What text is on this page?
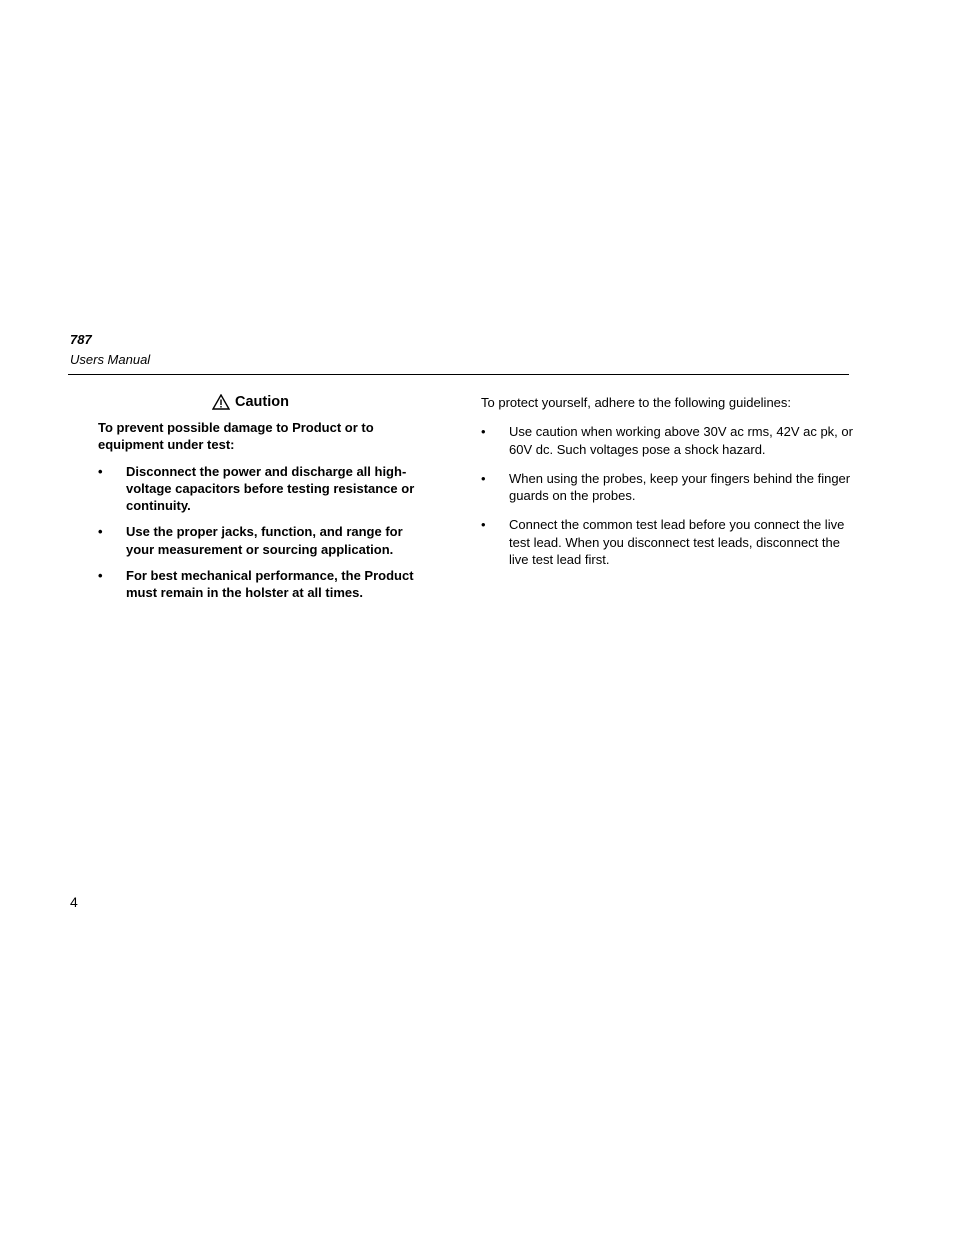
787
Users Manual
Caution

To prevent possible damage to Product or to equipment under test:

•	Disconnect the power and discharge all high-voltage capacitors before testing resistance or continuity.
•	Use the proper jacks, function, and range for your measurement or sourcing application.
•	For best mechanical performance, the Product must remain in the holster at all times.

To protect yourself, adhere to the following guidelines:

•	Use caution when working above 30V ac rms, 42V ac pk, or 60V dc. Such voltages pose a shock hazard.
•	When using the probes, keep your fingers behind the finger guards on the probes.
•	Connect the common test lead before you connect the live test lead. When you disconnect test leads, disconnect the live test lead first.
4
